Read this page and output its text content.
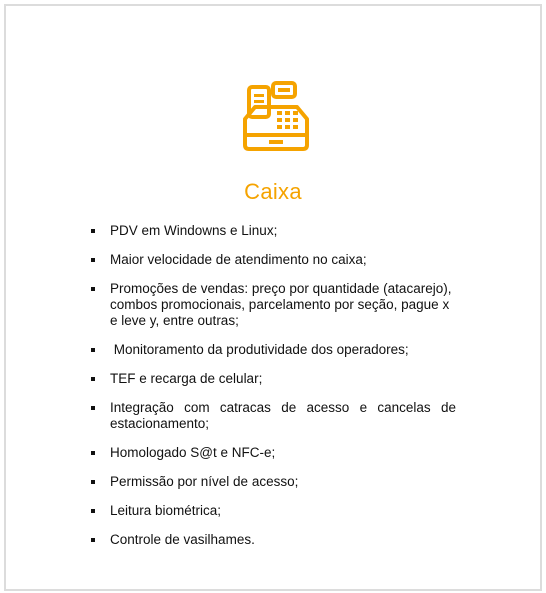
Caixa
PDV em Windowns e Linux;
Maior velocidade de atendimento no caixa;
Promoções de vendas: preço por quantidade (atacarejo), combos promocionais, parcelamento por seção, pague x e leve y, entre outras;
Monitoramento da produtividade dos operadores;
TEF e recarga de celular;
Integração com catracas de acesso e cancelas de estacionamento;
Homologado S@t e NFC-e;
Permissão por nível de acesso;
Leitura biométrica;
Controle de vasilhames.
